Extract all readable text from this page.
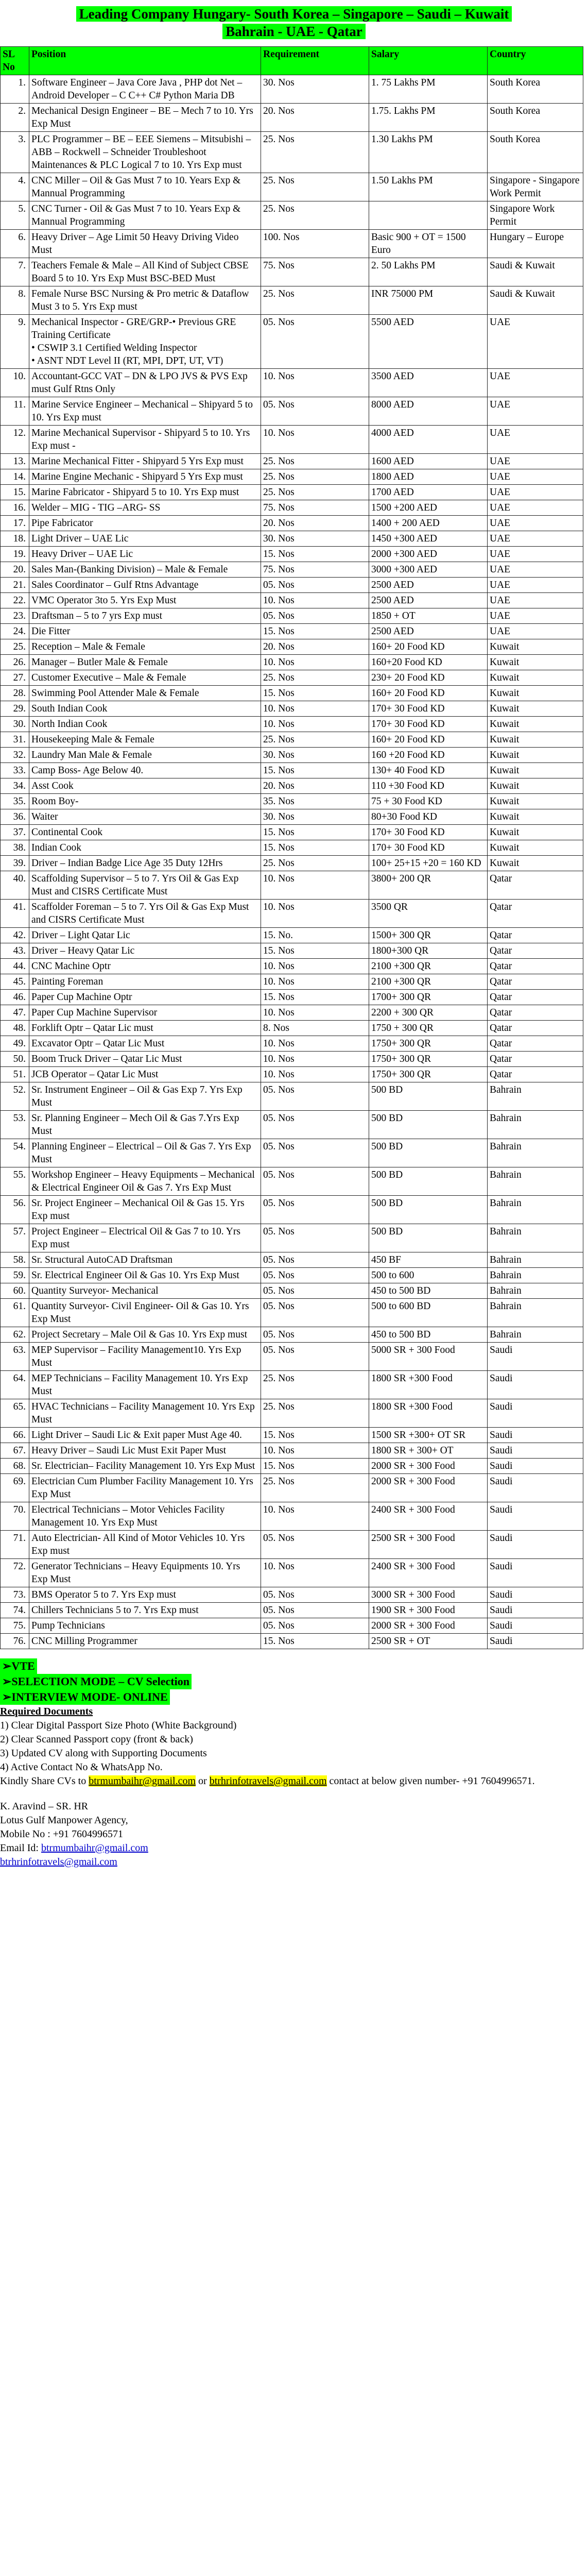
Leading Company Hungary- South Korea – Singapore – Saudi – Kuwait
Bahrain - UAE - Qatar
SL No	Position	Requirement	Salary	Country
1.	Software Engineer – Java Core Java , PHP dot Net – Android Developer – C C++ C# Python Maria DB	30. Nos	1. 75 Lakhs PM	South Korea
2.	Mechanical Design Engineer – BE – Mech 7 to 10. Yrs Exp Must	20. Nos	1.75. Lakhs PM	South Korea
3.	PLC Programmer – BE – EEE Siemens – Mitsubishi – ABB – Rockwell – Schneider Troubleshoot Maintenances & PLC Logical 7 to 10. Yrs Exp must	25. Nos	1.30 Lakhs PM	South Korea
4.	CNC Miller – Oil & Gas Must 7 to 10. Years Exp & Mannual Programming	25. Nos	1.50 Lakhs PM	Singapore - Singapore Work Permit
5.	CNC Turner - Oil & Gas Must 7 to 10. Years Exp & Mannual Programming	25. Nos		Singapore Work Permit
6.	Heavy Driver – Age Limit 50 Heavy Driving Video Must	100. Nos	Basic 900 + OT = 1500 Euro	Hungary – Europe
7.	Teachers Female & Male – All Kind of Subject CBSE Board 5 to 10. Yrs Exp Must BSC-BED Must	75. Nos	2. 50 Lakhs PM	Saudi & Kuwait
8.	Female Nurse BSC Nursing & Pro metric & Dataflow Must 3 to 5. Yrs Exp must	25. Nos	INR 75000 PM	Saudi & Kuwait
9.	Mechanical Inspector - GRE/GRP-• Previous GRE Training Certificate
• CSWIP 3.1 Certified Welding Inspector
• ASNT NDT Level II (RT, MPI, DPT, UT, VT)	05. Nos	5500 AED	UAE
10.	Accountant-GCC VAT – DN & LPO JVS & PVS Exp must Gulf Rtns Only	10. Nos	3500 AED	UAE
11.	Marine Service Engineer – Mechanical – Shipyard 5 to 10. Yrs Exp must	05. Nos	8000 AED	UAE
12.	Marine Mechanical Supervisor - Shipyard 5 to 10. Yrs Exp must -	10. Nos	4000 AED	UAE
13.	Marine Mechanical Fitter - Shipyard 5 Yrs Exp must	25. Nos	1600 AED	UAE
14.	Marine Engine Mechanic - Shipyard 5 Yrs Exp must	25. Nos	1800 AED	UAE
15.	Marine Fabricator - Shipyard 5 to 10. Yrs Exp must	25. Nos	1700 AED	UAE
16.	Welder – MIG - TIG –ARG- SS	75. Nos	1500 +200 AED	UAE
17.	Pipe Fabricator	20. Nos	1400 + 200 AED	UAE
18.	Light Driver – UAE Lic	30. Nos	1450 +300 AED	UAE
19.	Heavy Driver – UAE Lic	15. Nos	2000 +300 AED	UAE
20.	Sales Man-(Banking Division) – Male & Female	75. Nos	3000 +300 AED	UAE
21.	Sales Coordinator – Gulf Rtns Advantage	05. Nos	2500 AED	UAE
22.	VMC Operator 3to 5. Yrs Exp Must	10. Nos	2500 AED	UAE
23.	Draftsman – 5 to 7 yrs Exp must	05. Nos	1850 + OT	UAE
24.	Die Fitter	15. Nos	2500 AED	UAE
25.	Reception – Male & Female	20. Nos	160+ 20 Food KD	Kuwait
26.	Manager – Butler Male & Female	10. Nos	160+20 Food KD	Kuwait
27.	Customer Executive – Male & Female	25. Nos	230+ 20 Food KD	Kuwait
28.	Swimming Pool Attender Male & Female	15. Nos	160+ 20 Food KD	Kuwait
29.	South Indian Cook	10. Nos	170+ 30 Food KD	Kuwait
30.	North Indian Cook	10. Nos	170+ 30 Food KD	Kuwait
31.	Housekeeping Male & Female	25. Nos	160+ 20 Food KD	Kuwait
32.	Laundry Man Male & Female	30. Nos	160 +20 Food KD	Kuwait
33.	Camp Boss- Age Below 40.	15. Nos	130+ 40 Food KD	Kuwait
34.	Asst Cook	20. Nos	110 +30 Food KD	Kuwait
35.	Room Boy-	35. Nos	75 + 30 Food KD	Kuwait
36.	Waiter	30. Nos	80+30 Food KD	Kuwait
37.	Continental Cook	15. Nos	170+ 30 Food KD	Kuwait
38.	Indian Cook	15. Nos	170+ 30 Food KD	Kuwait
39.	Driver – Indian Badge Lice Age 35 Duty 12Hrs	25. Nos	100+ 25+15 +20 = 160 KD	Kuwait
40.	Scaffolding Supervisor – 5 to 7. Yrs Oil & Gas Exp Must and CISRS Certificate Must	10. Nos	3800+ 200 QR	Qatar
41.	Scaffolder Foreman – 5 to 7. Yrs Oil & Gas Exp Must and CISRS Certificate Must	10. Nos	3500 QR	Qatar
42.	Driver – Light Qatar Lic	15. No.	1500+ 300 QR	Qatar
43.	Driver – Heavy Qatar Lic	15. Nos	1800+300 QR	Qatar
44.	CNC Machine Optr	10. Nos	2100 +300 QR	Qatar
45.	Painting Foreman	10. Nos	2100 +300 QR	Qatar
46.	Paper Cup Machine Optr	15. Nos	1700+ 300 QR	Qatar
47.	Paper Cup Machine Supervisor	10. Nos	2200 + 300 QR	Qatar
48.	Forklift Optr – Qatar Lic must	8. Nos	1750 + 300 QR	Qatar
49.	Excavator Optr – Qatar Lic Must	10. Nos	1750+ 300 QR	Qatar
50.	Boom Truck Driver – Qatar Lic Must	10. Nos	1750+ 300 QR	Qatar
51.	JCB Operator – Qatar Lic Must	10. Nos	1750+ 300 QR	Qatar
52.	Sr. Instrument Engineer – Oil & Gas Exp 7. Yrs Exp Must	05. Nos	500 BD	Bahrain
53.	Sr. Planning Engineer – Mech Oil & Gas 7.Yrs Exp Must	05. Nos	500 BD	Bahrain
54.	Planning Engineer – Electrical – Oil & Gas 7. Yrs Exp Must	05. Nos	500 BD	Bahrain
55.	Workshop Engineer – Heavy Equipments – Mechanical & Electrical Engineer Oil & Gas 7. Yrs Exp Must	05. Nos	500 BD	Bahrain
56.	Sr. Project Engineer – Mechanical Oil & Gas 15. Yrs Exp must	05. Nos	500 BD	Bahrain
57.	Project Engineer – Electrical Oil & Gas 7 to 10. Yrs Exp must	05. Nos	500 BD	Bahrain
58.	Sr. Structural AutoCAD Draftsman	05. Nos	450 BF	Bahrain
59.	Sr. Electrical Engineer Oil & Gas 10. Yrs Exp Must	05. Nos	500 to 600	Bahrain
60.	Quantity Surveyor- Mechanical	05. Nos	450 to 500 BD	Bahrain
61.	Quantity Surveyor- Civil Engineer- Oil & Gas 10. Yrs Exp Must	05. Nos	500 to 600 BD	Bahrain
62.	Project Secretary – Male Oil & Gas 10. Yrs Exp must	05. Nos	450 to 500 BD	Bahrain
63.	MEP Supervisor – Facility Management10. Yrs Exp Must	05. Nos	5000 SR + 300 Food	Saudi
64.	MEP Technicians – Facility Management 10. Yrs Exp Must	25. Nos	1800 SR +300 Food	Saudi
65.	HVAC Technicians – Facility Management 10. Yrs Exp Must	25. Nos	1800 SR +300 Food	Saudi
66.	Light Driver – Saudi Lic & Exit paper Must Age 40.	15. Nos	1500 SR +300+ OT SR	Saudi
67.	Heavy Driver – Saudi Lic Must Exit Paper Must	10. Nos	1800 SR + 300+ OT	Saudi
68.	Sr. Electrician– Facility Management 10. Yrs Exp Must	15. Nos	2000 SR + 300 Food	Saudi
69.	Electrician Cum Plumber Facility Management 10. Yrs Exp Must	25. Nos	2000 SR + 300 Food	Saudi
70.	Electrical Technicians – Motor Vehicles Facility Management 10. Yrs Exp Must	10. Nos	2400 SR + 300 Food	Saudi
71.	Auto Electrician- All Kind of Motor Vehicles 10. Yrs Exp must	05. Nos	2500 SR + 300 Food	Saudi
72.	Generator Technicians – Heavy Equipments 10. Yrs Exp Must	10. Nos	2400 SR + 300 Food	Saudi
73.	BMS Operator 5 to 7. Yrs Exp must	05. Nos	3000 SR + 300 Food	Saudi
74.	Chillers Technicians 5 to 7. Yrs Exp must	05. Nos	1900 SR + 300 Food	Saudi
75.	Pump Technicians	05. Nos	2000 SR + 300 Food	Saudi
76.	CNC Milling Programmer	15. Nos	2500 SR + OT	Saudi

➢VTE

➢SELECTION MODE – CV Selection

➢INTERVIEW MODE- ONLINE

Required Documents

1) Clear Digital Passport Size Photo (White Background)

2) Clear Scanned Passport copy (front & back)

3) Updated CV along with Supporting Documents

4) Active Contact No & WhatsApp No.

Kindly Share CVs to btrmumbaihr@gmail.com or btrhrinfotravels@gmail.com contact at below given number- +91 7604996571.

K. Aravind – SR. HR

Lotus Gulf Manpower Agency,

Mobile No : +91 7604996571

Email Id: btrmumbaihr@gmail.com

btrhrinfotravels@gmail.com
